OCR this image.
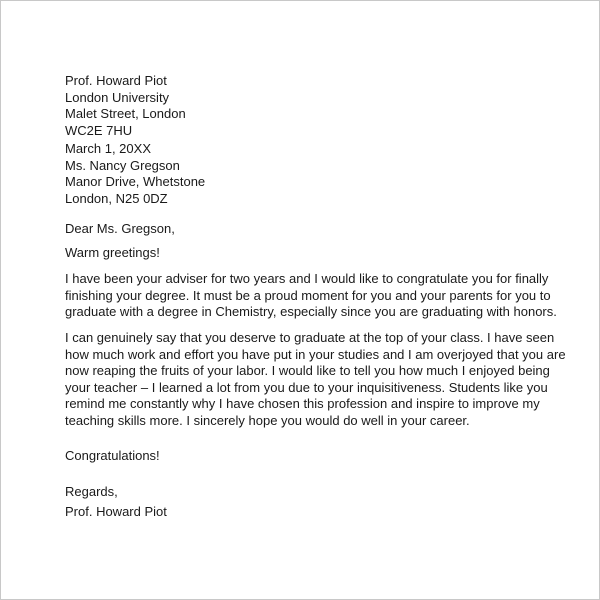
Prof. Howard Piot
London University
Malet Street, London
WC2E 7HU
March 1, 20XX
Ms. Nancy Gregson
Manor Drive, Whetstone
London, N25 0DZ
Dear Ms. Gregson,
Warm greetings!
I have been your adviser for two years and I would like to congratulate you for finally
finishing your degree. It must be a proud moment for you and your parents for you to
graduate with a degree in Chemistry, especially since you are graduating with honors.
I can genuinely say that you deserve to graduate at the top of your class. I have seen
how much work and effort you have put in your studies and I am overjoyed that you are
now reaping the fruits of your labor. I would like to tell you how much I enjoyed being
your teacher – I learned a lot from you due to your inquisitiveness. Students like you
remind me constantly why I have chosen this profession and inspire to improve my
teaching skills more. I sincerely hope you would do well in your career.
Congratulations!
Regards,
Prof. Howard Piot
